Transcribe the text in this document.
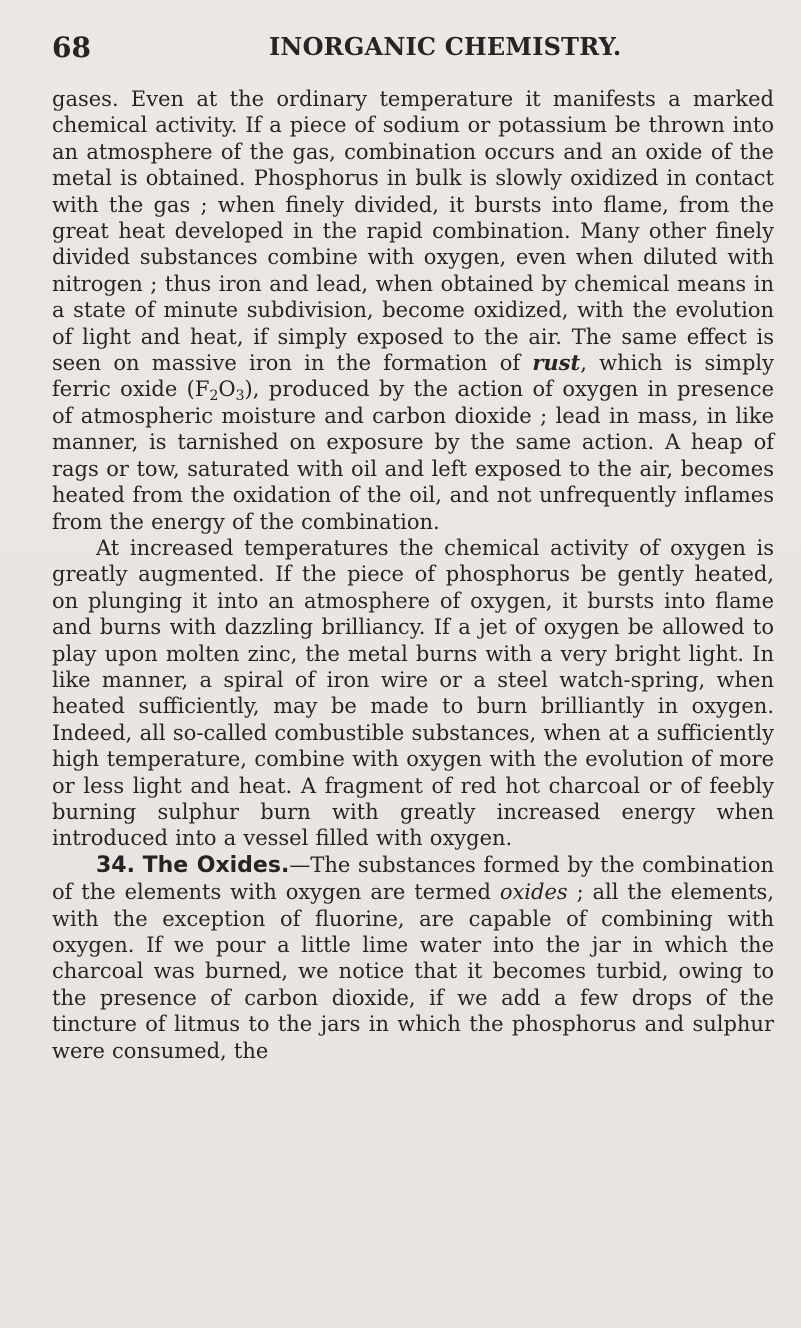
68	INORGANIC CHEMISTRY.

gases. Even at the ordinary temperature it manifests a marked chemical activity. If a piece of sodium or potassium be thrown into an atmosphere of the gas, combination occurs and an oxide of the metal is obtained. Phosphorus in bulk is slowly oxidized in contact with the gas ; when finely divided, it bursts into flame, from the great heat developed in the rapid combination. Many other finely divided substances combine with oxygen, even when diluted with nitrogen ; thus iron and lead, when obtained by chemical means in a state of minute subdivision, become oxidized, with the evolution of light and heat, if simply exposed to the air. The same effect is seen on massive iron in the formation of rust, which is simply ferric oxide $(F_2O_3)$, produced by the action of oxygen in presence of atmospheric moisture and carbon dioxide ; lead in mass, in like manner, is tarnished on exposure by the same action. A heap of rags or tow, saturated with oil and left exposed to the air, becomes heated from the oxidation of the oil, and not unfrequently inflames from the energy of the combination.

At increased temperatures the chemical activity of oxygen is greatly augmented. If the piece of phosphorus be gently heated, on plunging it into an atmosphere of oxygen, it bursts into flame and burns with dazzling brilliancy. If a jet of oxygen be allowed to play upon molten zinc, the metal burns with a very bright light. In like manner, a spiral of iron wire or a steel watch-spring, when heated sufficiently, may be made to burn brilliantly in oxygen. Indeed, all so-called combustible substances, when at a sufficiently high temperature, combine with oxygen with the evolution of more or less light and heat. A fragment of red hot charcoal or of feebly burning sulphur burn with greatly increased energy when introduced into a vessel filled with oxygen.

34. The Oxides.—The substances formed by the combination of the elements with oxygen are termed oxides ; all the elements, with the exception of fluorine, are capable of combining with oxygen. If we pour a little lime water into the jar in which the charcoal was burned, we notice that it becomes turbid, owing to the presence of carbon dioxide, if we add a few drops of the tincture of litmus to the jars in which the phosphorus and sulphur were consumed, the
